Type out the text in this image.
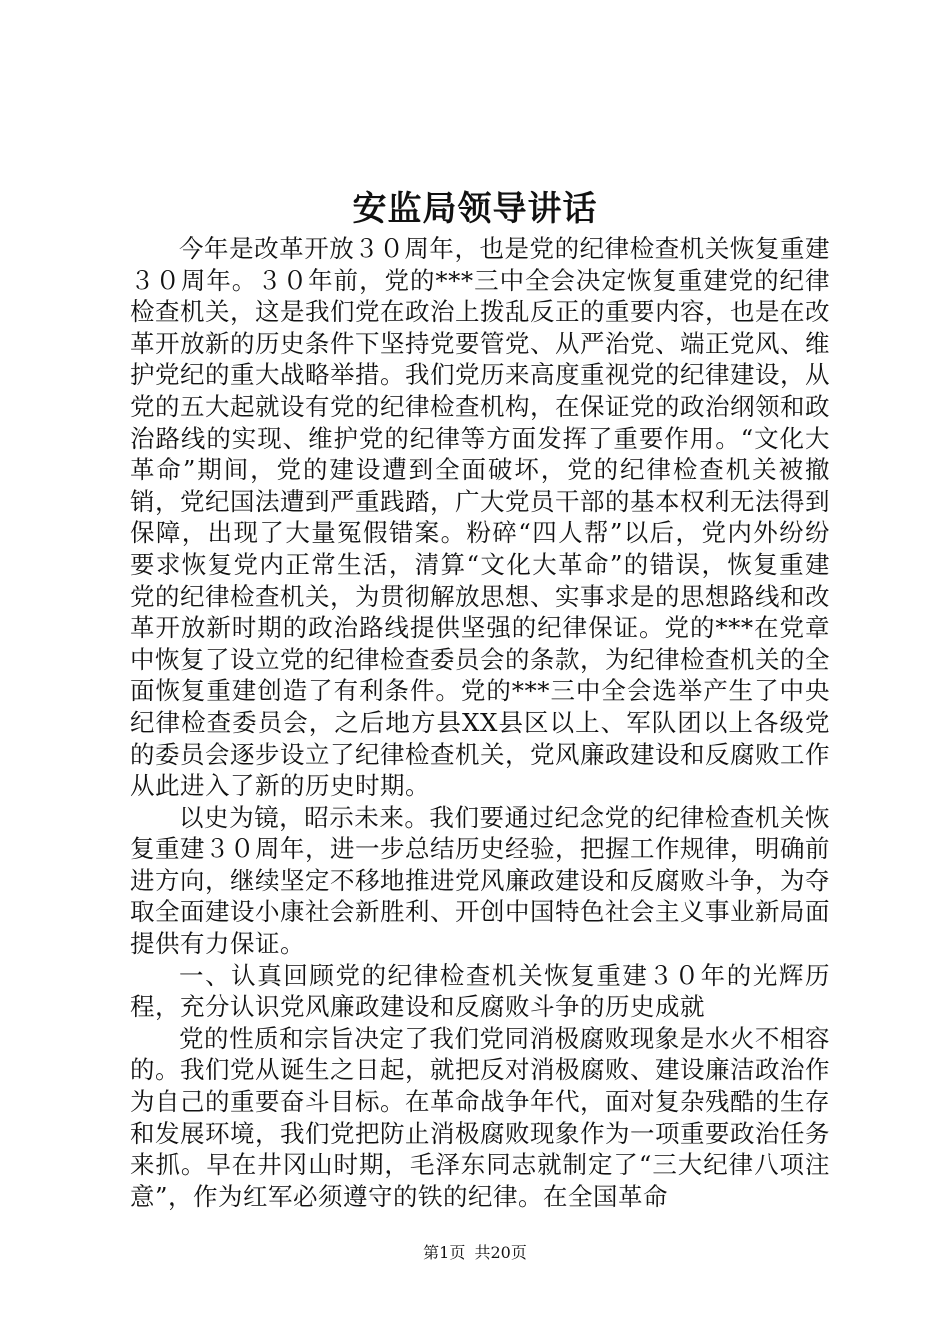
安监局领导讲话

今年是改革开放３０周年，也是党的纪律检查机关恢复重建３０周年。３０年前，党的***三中全会决定恢复重建党的纪律检查机关，这是我们党在政治上拨乱反正的重要内容，也是在改革开放新的历史条件下坚持党要管党、从严治党、端正党风、维护党纪的重大战略举措。我们党历来高度重视党的纪律建设，从党的五大起就设有党的纪律检查机构，在保证党的政治纲领和政治路线的实现、维护党的纪律等方面发挥了重要作用。“文化大革命”期间，党的建设遭到全面破坏，党的纪律检查机关被撤销，党纪国法遭到严重践踏，广大党员干部的基本权利无法得到保障，出现了大量冤假错案。粉碎“四人帮”以后，党内外纷纷要求恢复党内正常生活，清算“文化大革命”的错误，恢复重建党的纪律检查机关，为贯彻解放思想、实事求是的思想路线和改革开放新时期的政治路线提供坚强的纪律保证。党的***在党章中恢复了设立党的纪律检查委员会的条款，为纪律检查机关的全面恢复重建创造了有利条件。党的***三中全会选举产生了中央纪律检查委员会，之后地方县XX县区以上、军队团以上各级党的委员会逐步设立了纪律检查机关，党风廉政建设和反腐败工作从此进入了新的历史时期。

以史为镜，昭示未来。我们要通过纪念党的纪律检查机关恢复重建３０周年，进一步总结历史经验，把握工作规律，明确前进方向，继续坚定不移地推进党风廉政建设和反腐败斗争，为夺取全面建设小康社会新胜利、开创中国特色社会主义事业新局面提供有力保证。

一、认真回顾党的纪律检查机关恢复重建３０年的光辉历程，充分认识党风廉政建设和反腐败斗争的历史成就

党的性质和宗旨决定了我们党同消极腐败现象是水火不相容的。我们党从诞生之日起，就把反对消极腐败、建设廉洁政治作为自己的重要奋斗目标。在革命战争年代，面对复杂残酷的生存和发展环境，我们党把防止消极腐败现象作为一项重要政治任务来抓。早在井冈山时期，毛泽东同志就制定了“三大纪律八项注意”，作为红军必须遵守的铁的纪律。在全国革命

第1页 共20页
